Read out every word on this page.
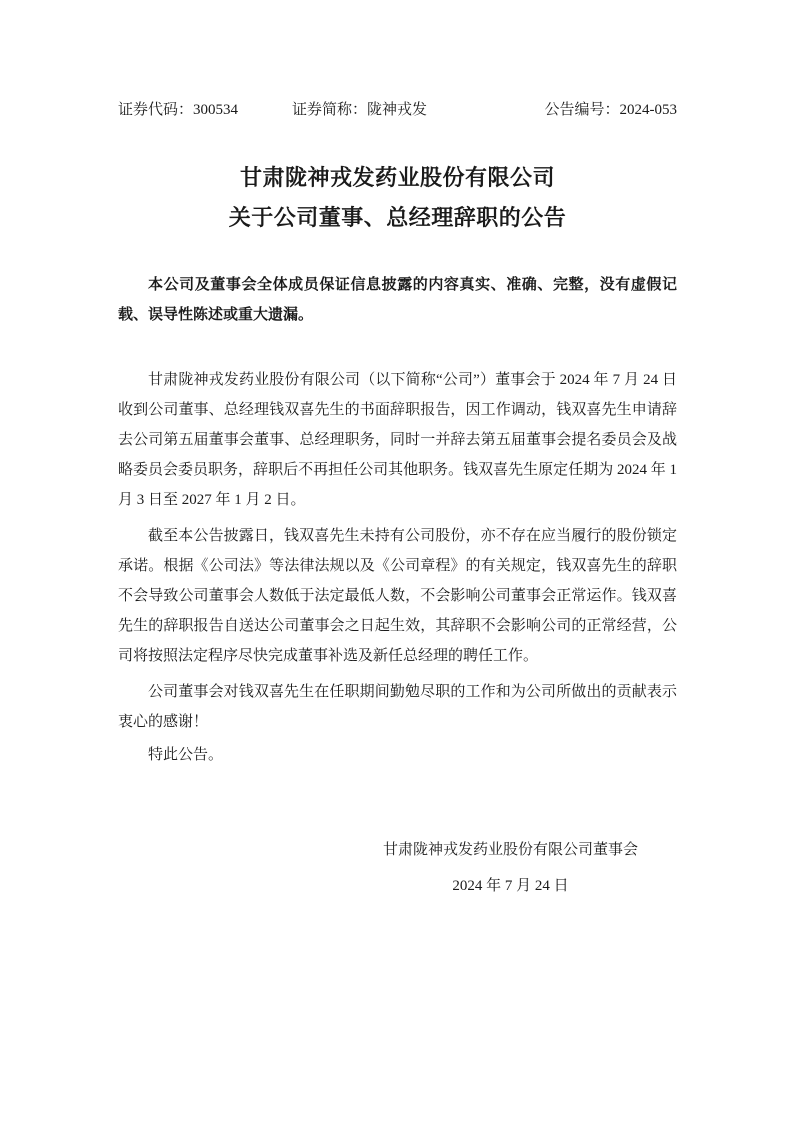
证券代码：300534	证券简称：陇神戎发	公告编号：2024-053
甘肃陇神戎发药业股份有限公司
关于公司董事、总经理辞职的公告

本公司及董事会全体成员保证信息披露的内容真实、准确、完整，没有虚假记载、误导性陈述或重大遗漏。

甘肃陇神戎发药业股份有限公司（以下简称“公司”）董事会于 2024 年 7 月 24 日收到公司董事、总经理钱双喜先生的书面辞职报告，因工作调动，钱双喜先生申请辞去公司第五届董事会董事、总经理职务，同时一并辞去第五届董事会提名委员会及战略委员会委员职务，辞职后不再担任公司其他职务。钱双喜先生原定任期为 2024 年 1 月 3 日至 2027 年 1 月 2 日。

截至本公告披露日，钱双喜先生未持有公司股份，亦不存在应当履行的股份锁定承诺。根据《公司法》等法律法规以及《公司章程》的有关规定，钱双喜先生的辞职不会导致公司董事会人数低于法定最低人数，不会影响公司董事会正常运作。钱双喜先生的辞职报告自送达公司董事会之日起生效，其辞职不会影响公司的正常经营，公司将按照法定程序尽快完成董事补选及新任总经理的聘任工作。

公司董事会对钱双喜先生在任职期间勤勉尽职的工作和为公司所做出的贡献表示衷心的感谢！

特此公告。

甘肃陇神戎发药业股份有限公司董事会
2024 年 7 月 24 日
